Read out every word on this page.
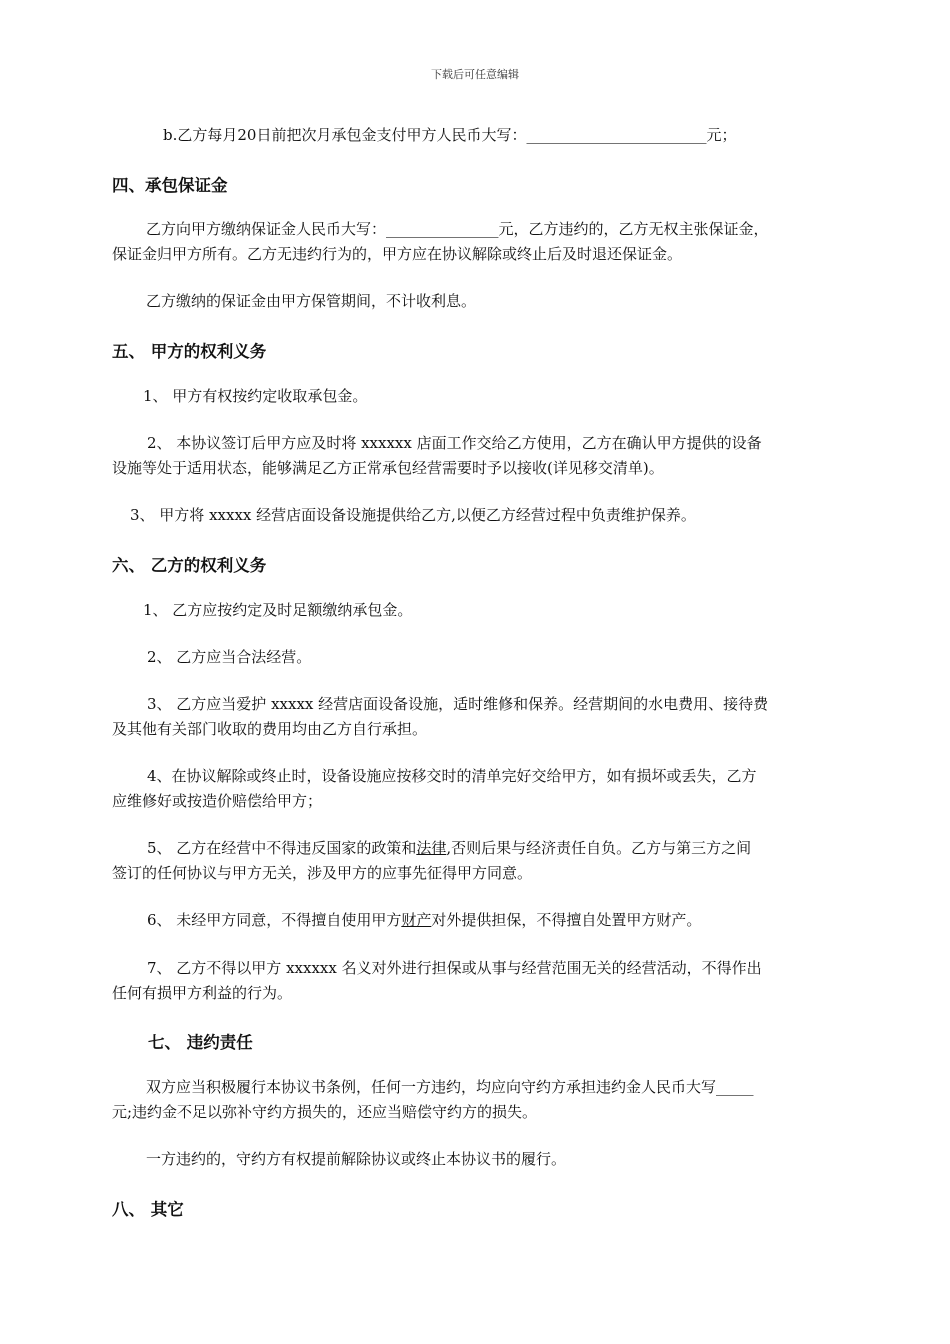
下载后可任意编辑
b.乙方每月20日前把次月承包金支付甲方人民币大写：________________________元；
四、承包保证金
乙方向甲方缴纳保证金人民币大写：_______________元，乙方违约的，乙方无权主张保证金，
保证金归甲方所有。乙方无违约行为的，甲方应在协议解除或终止后及时退还保证金。
乙方缴纳的保证金由甲方保管期间，不计收利息。
五、 甲方的权利义务
1、 甲方有权按约定收取承包金。
2、 本协议签订后甲方应及时将 xxxxxx 店面工作交给乙方使用，乙方在确认甲方提供的设备
设施等处于适用状态，能够满足乙方正常承包经营需要时予以接收(详见移交清单)。
3、 甲方将 xxxxx 经营店面设备设施提供给乙方,以便乙方经营过程中负责维护保养。
六、 乙方的权利义务
1、 乙方应按约定及时足额缴纳承包金。
2、 乙方应当合法经营。
3、 乙方应当爱护 xxxxx 经营店面设备设施，适时维修和保养。经营期间的水电费用、接待费
及其他有关部门收取的费用均由乙方自行承担。
4、在协议解除或终止时，设备设施应按移交时的清单完好交给甲方，如有损坏或丢失，乙方
应维修好或按造价赔偿给甲方；
5、 乙方在经营中不得违反国家的政策和法律,否则后果与经济责任自负。乙方与第三方之间
签订的任何协议与甲方无关，涉及甲方的应事先征得甲方同意。
6、 未经甲方同意，不得擅自使用甲方财产对外提供担保，不得擅自处置甲方财产。
7、 乙方不得以甲方 xxxxxx 名义对外进行担保或从事与经营范围无关的经营活动，不得作出
任何有损甲方利益的行为。
七、 违约责任
双方应当积极履行本协议书条例，任何一方违约，均应向守约方承担违约金人民币大写_____
元;违约金不足以弥补守约方损失的，还应当赔偿守约方的损失。
一方违约的，守约方有权提前解除协议或终止本协议书的履行。
八、 其它
